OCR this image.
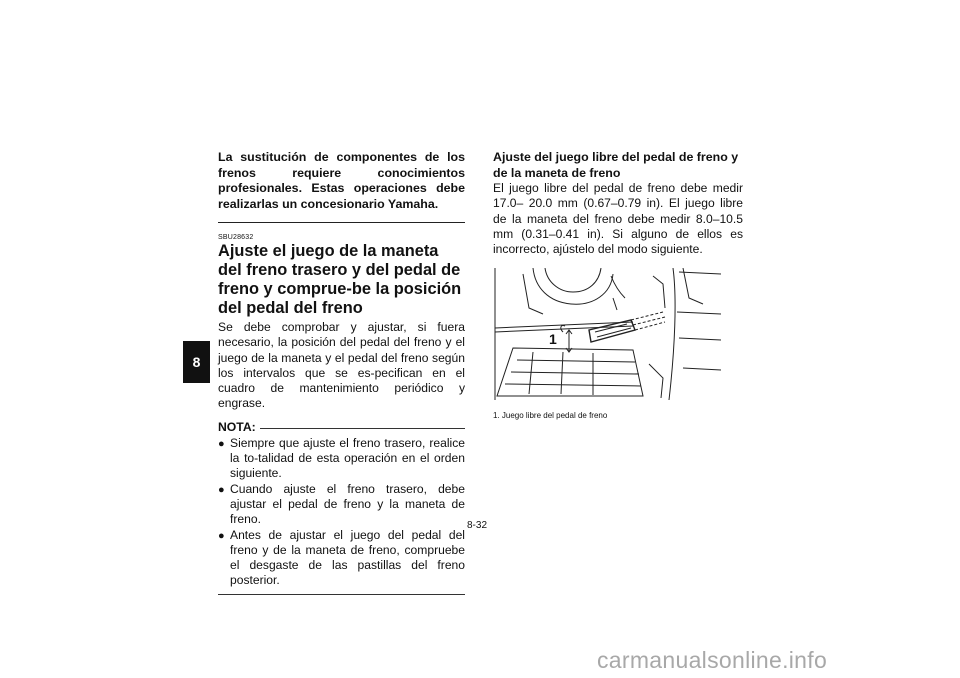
8

La sustitución de componentes de los frenos requiere conocimientos profesionales. Estas operaciones debe realizarlas un concesionario Yamaha.

SBU28632
Ajuste el juego de la maneta del freno trasero y del pedal de freno y comprue-be la posición del pedal del freno

Se debe comprobar y ajustar, si fuera necesario, la posición del pedal del freno y el juego de la maneta y el pedal del freno según los intervalos que se es-pecifican en el cuadro de mantenimiento periódico y engrase.

NOTA:
● Siempre que ajuste el freno trasero, realice la to-talidad de esta operación en el orden siguiente.
● Cuando ajuste el freno trasero, debe ajustar el pedal de freno y la maneta de freno.
● Antes de ajustar el juego del pedal del freno y de la maneta de freno, compruebe el desgaste de las pastillas del freno posterior.

Ajuste del juego libre del pedal de freno y de la maneta de freno

El juego libre del pedal de freno debe medir 17.0– 20.0 mm (0.67–0.79 in). El juego libre de la maneta del freno debe medir 8.0–10.5 mm (0.31–0.41 in). Si alguno de ellos es incorrecto, ajústelo del modo siguiente.

1
1. Juego libre del pedal de freno
8-32
carmanualsonline.info
